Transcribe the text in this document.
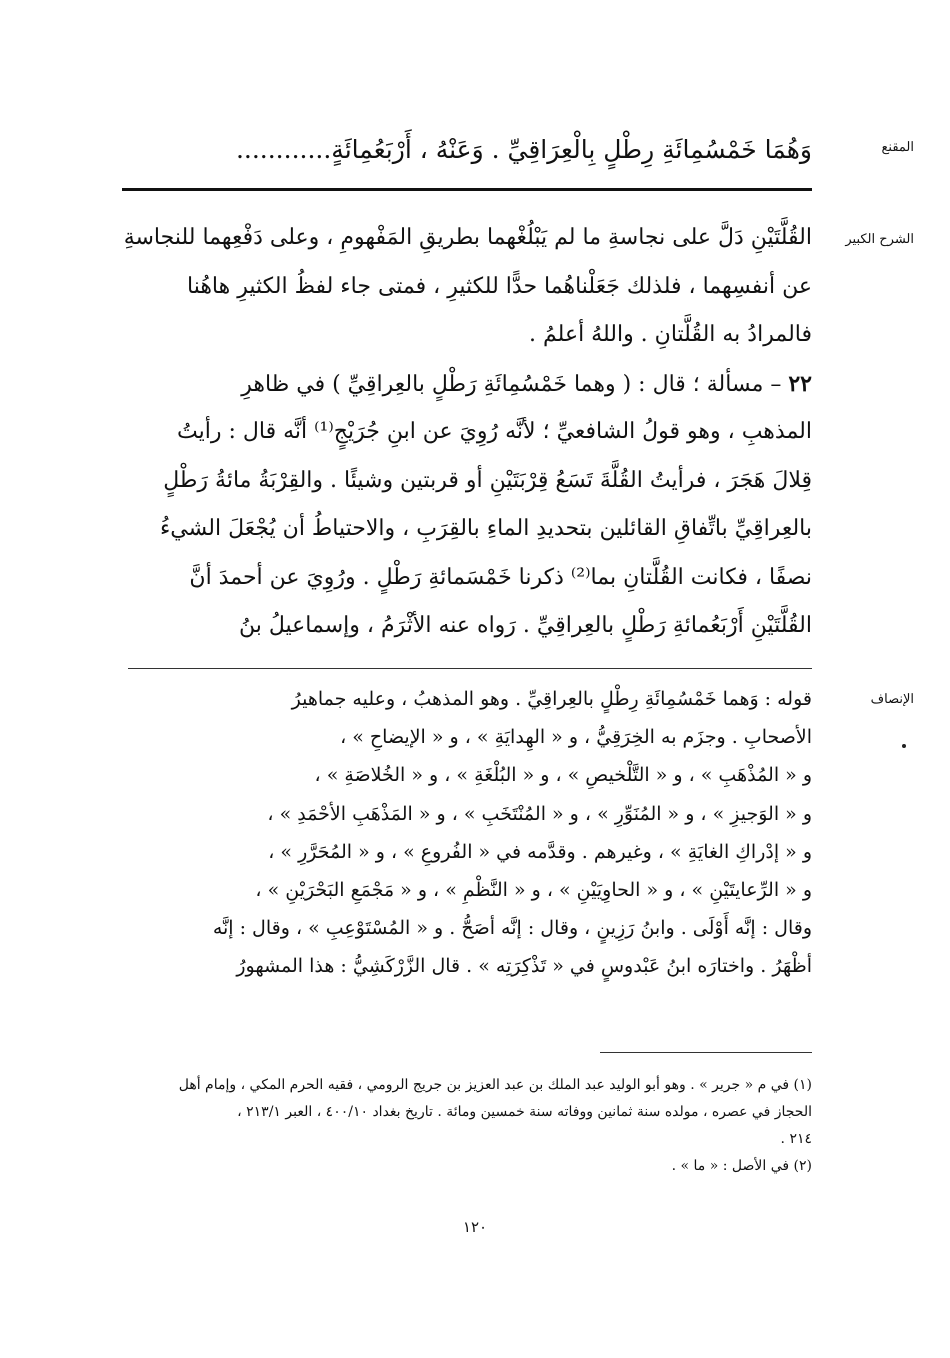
المقنع
الشرح الكبير
الإنصاف

وَهُمَا خَمْسُمِائَةِ رِطْلٍ بِالْعِرَاقِيِّ . وَعَنْهُ ، أَرْبَعُمِائَةٍ............

القُلَّتَيْنِ دَلَّ على نجاسةِ ما لم يَبْلُغْهما بطريقِ المَفْهومِ ، وعلى دَفْعِهما للنجاسةِ
عن أنفسِهما ، فلذلك جَعَلْناهُما حدًّا للكثيرِ ، فمتى جاء لفظُ الكثيرِ هاهُنا
فالمرادُ به القُلَّتانِ . واللهُ أعلمُ .
٢٢ – مسألة ؛ قال : ( وهما خَمْسُمِائَةِ رَطْلٍ بالعِراقِيِّ ) في ظاهرِ
المذهبِ ، وهو قولُ الشافعيِّ ؛ لأنَّه رُوِيَ عن ابنِ جُرَيْجٍ⁽¹⁾ أنَّه قال : رأيتُ
قِلالَ هَجَرَ ، فرأيتُ القُلَّةَ تَسَعُ قِرْبَتَيْنِ أو قربتين وشيئًا . والقِرْبَةُ مائةُ رَطْلٍ
بالعِراقِيِّ باتِّفاقِ القائلين بتحديدِ الماءِ بالقِرَبِ ، والاحتياطُ أن يُجْعَلَ الشيءُ
نصفًا ، فكانت القُلَّتانِ بما⁽²⁾ ذكرنا خَمْسَمائةِ رَطْلٍ . ورُوِيَ عن أحمدَ أنَّ
القُلَّتَيْنِ أَرْبَعُمائةِ رَطْلٍ بالعِراقِيِّ . رَواه عنه الأثْرَمُ ، وإسماعيلُ بنُ
قوله : وَهما خَمْسُمِائَةِ رِطْلٍ بالعِراقِيِّ . وهو المذهبُ ، وعليه جماهيرُ
الأصحابِ . وجزَم به الخِرَقِيُّ ، و « الهِدايَةِ » ، و « الإيضاحِ » ،
و « المُذْهَبِ » ، و « التَّلْخيصِ » ، و « البُلْغَةِ » ، و « الخُلاصَةِ » ،
و « الوَجيزِ » ، و « المُنَوِّرِ » ، و « المُنْتَخَبِ » ، و « المَذْهَبِ الأحْمَدِ » ،
و « إدْراكِ الغايَةِ » ، وغيرهم . وقدَّمه في « الفُروعِ » ، و « المُحَرَّرِ » ،
و « الرِّعايتَيْنِ » ، و « الحاوِيَيْنِ » ، و « النَّظْمِ » ، و « مَجْمَعِ البَحْرَيْنِ » ،
وقال : إنَّه أَوْلَى . وابنُ رَزِينٍ ، وقال : إنَّه أصَحُّ . و « المُسْتَوْعِبِ » ، وقال : إنَّه
أظْهَرُ . واختارَه ابنُ عَبْدوسٍ في « تَذْكِرَتِه » . قال الزَّرْكَشِيُّ : هذا المشهورُ

(١) في م « جرير » . وهو أبو الوليد عبد الملك بن عبد العزيز بن جريج الرومي ، فقيه الحرم المكي ، وإمام أهل

الحجاز في عصره ، مولده سنة ثمانين ووفاته سنة خمسين ومائة . تاريخ بغداد ٤٠٠/١٠ ، العبر ٢١٣/١ ،

٢١٤ .

(٢) في الأصل : « ما » .

١٢٠
